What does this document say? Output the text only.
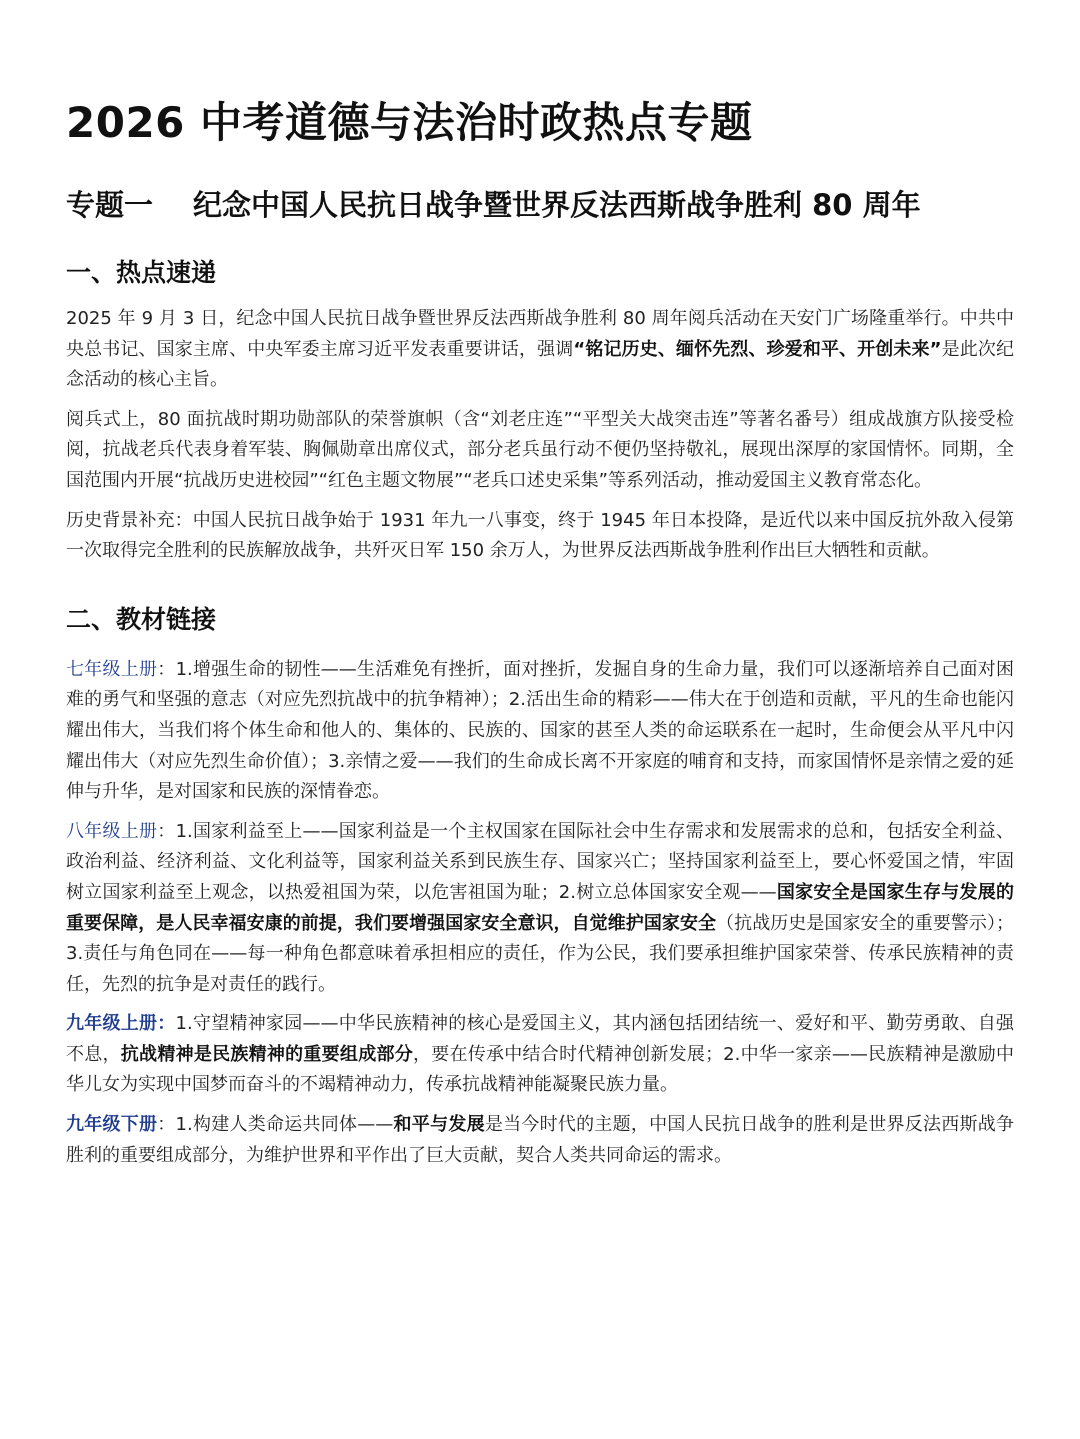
2026 中考道德与法治时政热点专题
专题一 纪念中国人民抗日战争暨世界反法西斯战争胜利 80 周年
一、热点速递

2025 年 9 月 3 日，纪念中国人民抗日战争暨世界反法西斯战争胜利 80 周年阅兵活动在天安门广场隆重举行。中共中央总书记、国家主席、中央军委主席习近平发表重要讲话，强调“铭记历史、缅怀先烈、珍爱和平、开创未来”是此次纪念活动的核心主旨。

阅兵式上，80 面抗战时期功勋部队的荣誉旗帜（含“刘老庄连”“平型关大战突击连”等著名番号）组成战旗方队接受检阅，抗战老兵代表身着军装、胸佩勋章出席仪式，部分老兵虽行动不便仍坚持敬礼，展现出深厚的家国情怀。同期，全国范围内开展“抗战历史进校园”“红色主题文物展”“老兵口述史采集”等系列活动，推动爱国主义教育常态化。

历史背景补充：中国人民抗日战争始于 1931 年九一八事变，终于 1945 年日本投降，是近代以来中国反抗外敌入侵第一次取得完全胜利的民族解放战争，共歼灭日军 150 余万人，为世界反法西斯战争胜利作出巨大牺牲和贡献。

二、教材链接

七年级上册：1.增强生命的韧性——生活难免有挫折，面对挫折，发掘自身的生命力量，我们可以逐渐培养自己面对困难的勇气和坚强的意志（对应先烈抗战中的抗争精神）；2.活出生命的精彩——伟大在于创造和贡献，平凡的生命也能闪耀出伟大，当我们将个体生命和他人的、集体的、民族的、国家的甚至人类的命运联系在一起时，生命便会从平凡中闪耀出伟大（对应先烈生命价值）；3.亲情之爱——我们的生命成长离不开家庭的哺育和支持，而家国情怀是亲情之爱的延伸与升华，是对国家和民族的深情眷恋。

八年级上册：1.国家利益至上——国家利益是一个主权国家在国际社会中生存需求和发展需求的总和，包括安全利益、政治利益、经济利益、文化利益等，国家利益关系到民族生存、国家兴亡；坚持国家利益至上，要心怀爱国之情，牢固树立国家利益至上观念，以热爱祖国为荣，以危害祖国为耻；2.树立总体国家安全观——国家安全是国家生存与发展的重要保障，是人民幸福安康的前提，我们要增强国家安全意识，自觉维护国家安全（抗战历史是国家安全的重要警示）；3.责任与角色同在——每一种角色都意味着承担相应的责任，作为公民，我们要承担维护国家荣誉、传承民族精神的责任，先烈的抗争是对责任的践行。

九年级上册：1.守望精神家园——中华民族精神的核心是爱国主义，其内涵包括团结统一、爱好和平、勤劳勇敢、自强不息，抗战精神是民族精神的重要组成部分，要在传承中结合时代精神创新发展；2.中华一家亲——民族精神是激励中华儿女为实现中国梦而奋斗的不竭精神动力，传承抗战精神能凝聚民族力量。

九年级下册：1.构建人类命运共同体——和平与发展是当今时代的主题，中国人民抗日战争的胜利是世界反法西斯战争胜利的重要组成部分，为维护世界和平作出了巨大贡献，契合人类共同命运的需求。
